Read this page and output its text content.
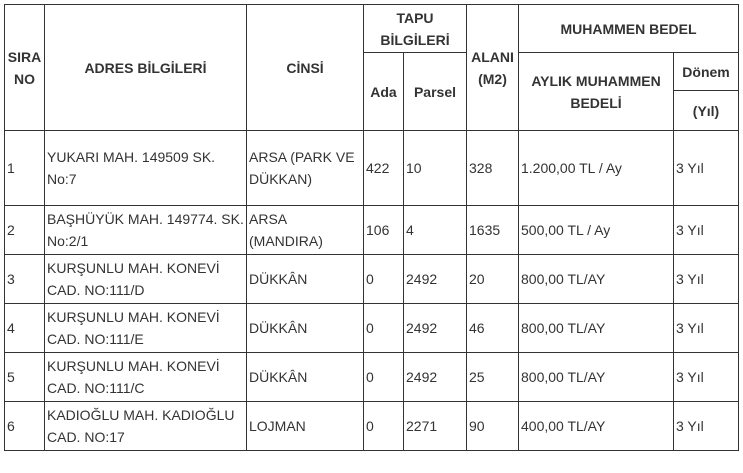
SIRA NO	ADRES BİLGİLERİ	CİNSİ	TAPU BİLGİLERİ		ALANI (M2)	MUHAMMEN BEDEL	
			Ada	Parsel		AYLIK MUHAMMEN BEDELİ	Dönem
							(Yıl)
1	YUKARI MAH. 149509 SK. No:7	ARSA (PARK VE DÜKKAN)	422	10	328	1.200,00 TL / Ay	3 Yıl
2	BAŞHÜYÜK MAH. 149774. SK. No:2/1	ARSA (MANDIRA)	106	4	1635	500,00 TL / Ay	3 Yıl
3	KURŞUNLU MAH. KONEVİ CAD. NO:111/D	DÜKKÂN	0	2492	20	800,00 TL/AY	3 Yıl
4	KURŞUNLU MAH. KONEVİ CAD. NO:111/E	DÜKKÂN	0	2492	46	800,00 TL/AY	3 Yıl
5	KURŞUNLU MAH. KONEVİ CAD. NO:111/C	DÜKKÂN	0	2492	25	800,00 TL/AY	3 Yıl
6	KADIOĞLU MAH. KADIOĞLU CAD. NO:17	LOJMAN	0	2271	90	400,00 TL/AY	3 Yıl
